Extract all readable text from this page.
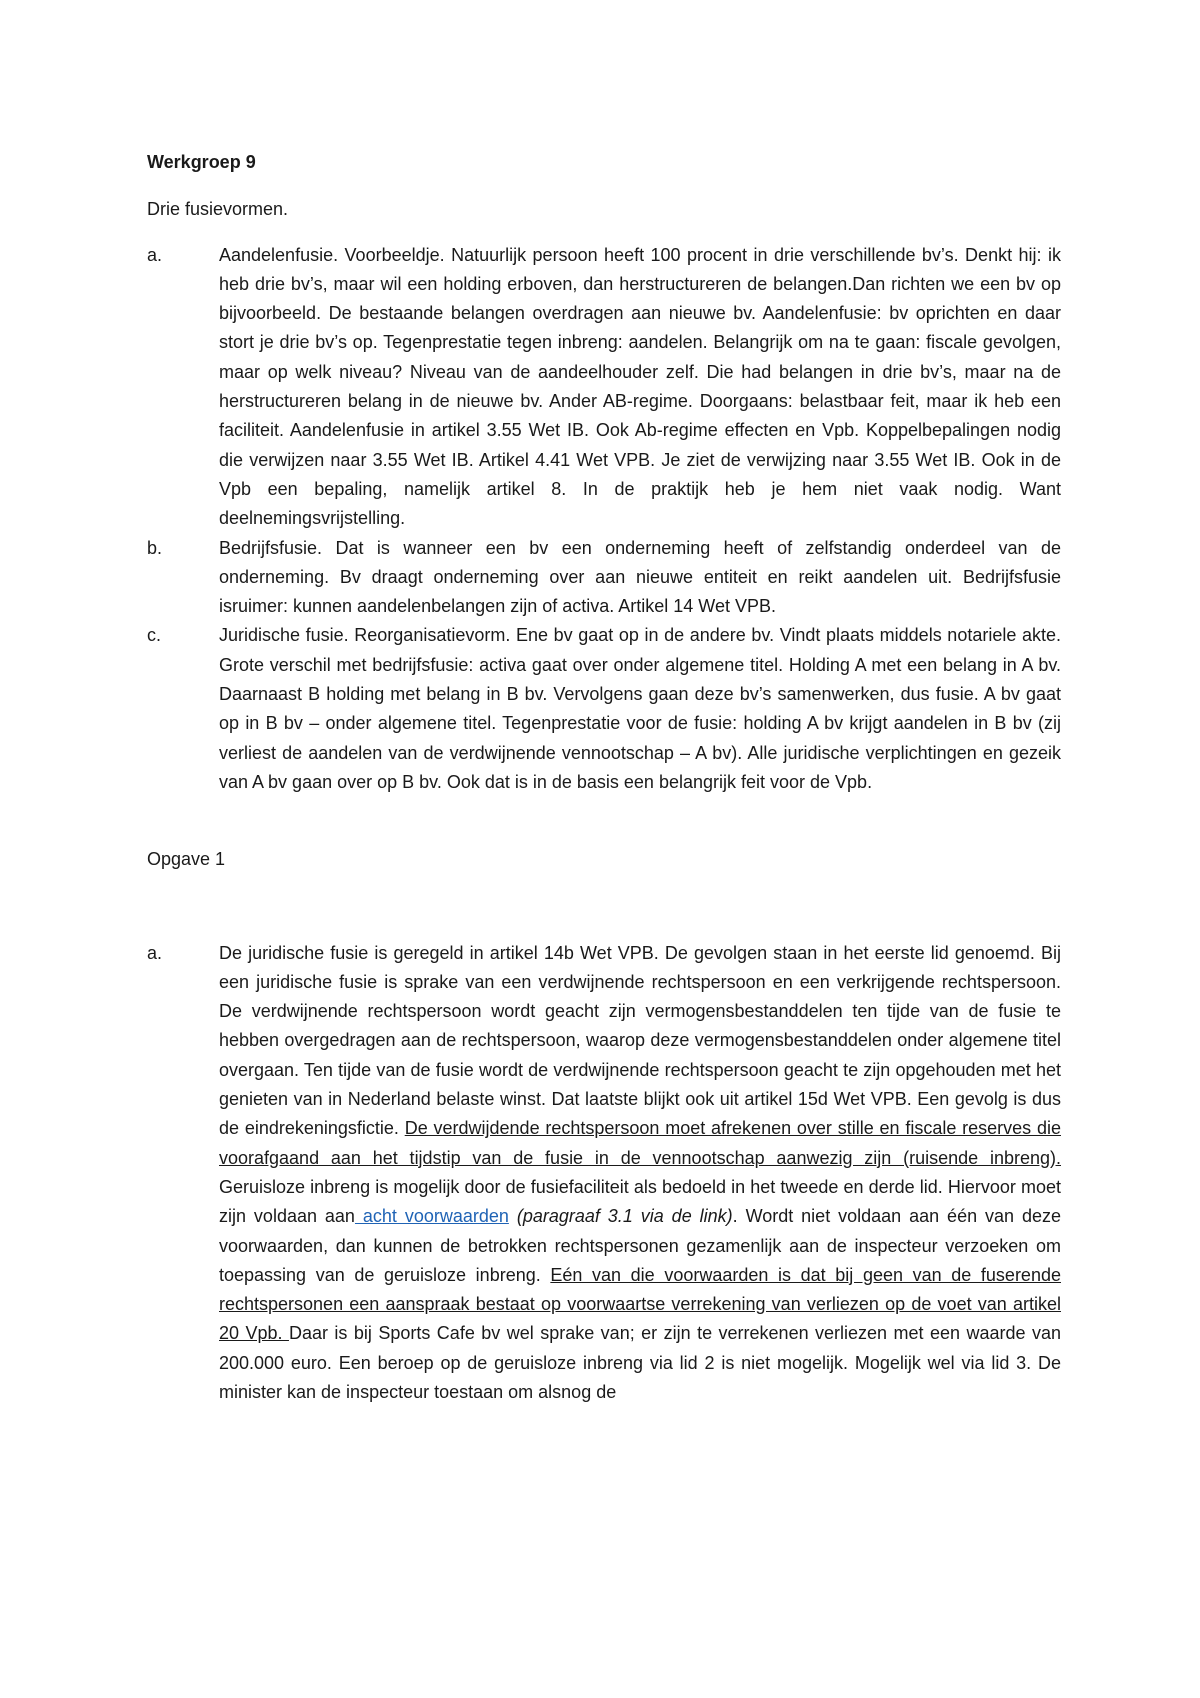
Werkgroep 9

Drie fusievormen.

a.	Aandelenfusie. Voorbeeldje. Natuurlijk persoon heeft 100 procent in drie verschillende bv’s. Denkt hij: ik heb drie bv’s, maar wil een holding erboven, dan herstructureren de belangen.Dan richten we een bv op bijvoorbeeld. De bestaande belangen overdragen aan nieuwe bv. Aandelenfusie: bv oprichten en daar stort je drie bv’s op. Tegenprestatie tegen inbreng: aandelen. Belangrijk om na te gaan: fiscale gevolgen, maar op welk niveau? Niveau van de aandeelhouder zelf. Die had belangen in drie bv’s, maar na de herstructureren belang in de nieuwe bv. Ander AB-regime. Doorgaans: belastbaar feit, maar ik heb een faciliteit. Aandelenfusie in artikel 3.55 Wet IB. Ook Ab-regime effecten en Vpb. Koppelbepalingen nodig die verwijzen naar 3.55 Wet IB. Artikel 4.41 Wet VPB. Je ziet de verwijzing naar 3.55 Wet IB. Ook in de Vpb een bepaling, namelijk artikel 8. In de praktijk heb je hem niet vaak nodig. Want deelnemingsvrijstelling.
b.	Bedrijfsfusie. Dat is wanneer een bv een onderneming heeft of zelfstandig onderdeel van de onderneming. Bv draagt onderneming over aan nieuwe entiteit en reikt aandelen uit. Bedrijfsfusie isruimer: kunnen aandelenbelangen zijn of activa. Artikel 14 Wet VPB.
c.	Juridische fusie. Reorganisatievorm. Ene bv gaat op in de andere bv. Vindt plaats middels notariele akte. Grote verschil met bedrijfsfusie: activa gaat over onder algemene titel. Holding A met een belang in A bv. Daarnaast B holding met belang in B bv. Vervolgens gaan deze bv’s samenwerken, dus fusie. A bv gaat op in B bv – onder algemene titel. Tegenprestatie voor de fusie: holding A bv krijgt aandelen in B bv (zij verliest de aandelen van de verdwijnende vennootschap – A bv). Alle juridische verplichtingen en gezeik van A bv gaan over op B bv. Ook dat is in de basis een belangrijk feit voor de Vpb.

Opgave 1

a.	De juridische fusie is geregeld in artikel 14b Wet VPB. De gevolgen staan in het eerste lid genoemd. Bij een juridische fusie is sprake van een verdwijnende rechtspersoon en een verkrijgende rechtspersoon. De verdwijnende rechtspersoon wordt geacht zijn vermogensbestanddelen ten tijde van de fusie te hebben overgedragen aan de rechtspersoon, waarop deze vermogensbestanddelen onder algemene titel overgaan. Ten tijde van de fusie wordt de verdwijnende rechtspersoon geacht te zijn opgehouden met het genieten van in Nederland belaste winst. Dat laatste blijkt ook uit artikel 15d Wet VPB. Een gevolg is dus de eindrekeningsfictie. De verdwijdende rechtspersoon moet afrekenen over stille en fiscale reserves die voorafgaand aan het tijdstip van de fusie in de vennootschap aanwezig zijn (ruisende inbreng). Geruisloze inbreng is mogelijk door de fusiefaciliteit als bedoeld in het tweede en derde lid. Hiervoor moet zijn voldaan aan acht voorwaarden (paragraaf 3.1 via de link). Wordt niet voldaan aan één van deze voorwaarden, dan kunnen de betrokken rechtspersonen gezamenlijk aan de inspecteur verzoeken om toepassing van de geruisloze inbreng. Eén van die voorwaarden is dat bij geen van de fuserende rechtspersonen een aanspraak bestaat op voorwaartse verrekening van verliezen op de voet van artikel 20 Vpb. Daar is bij Sports Cafe bv wel sprake van; er zijn te verrekenen verliezen met een waarde van 200.000 euro. Een beroep op de geruisloze inbreng via lid 2 is niet mogelijk. Mogelijk wel via lid 3. De minister kan de inspecteur toestaan om alsnog de
